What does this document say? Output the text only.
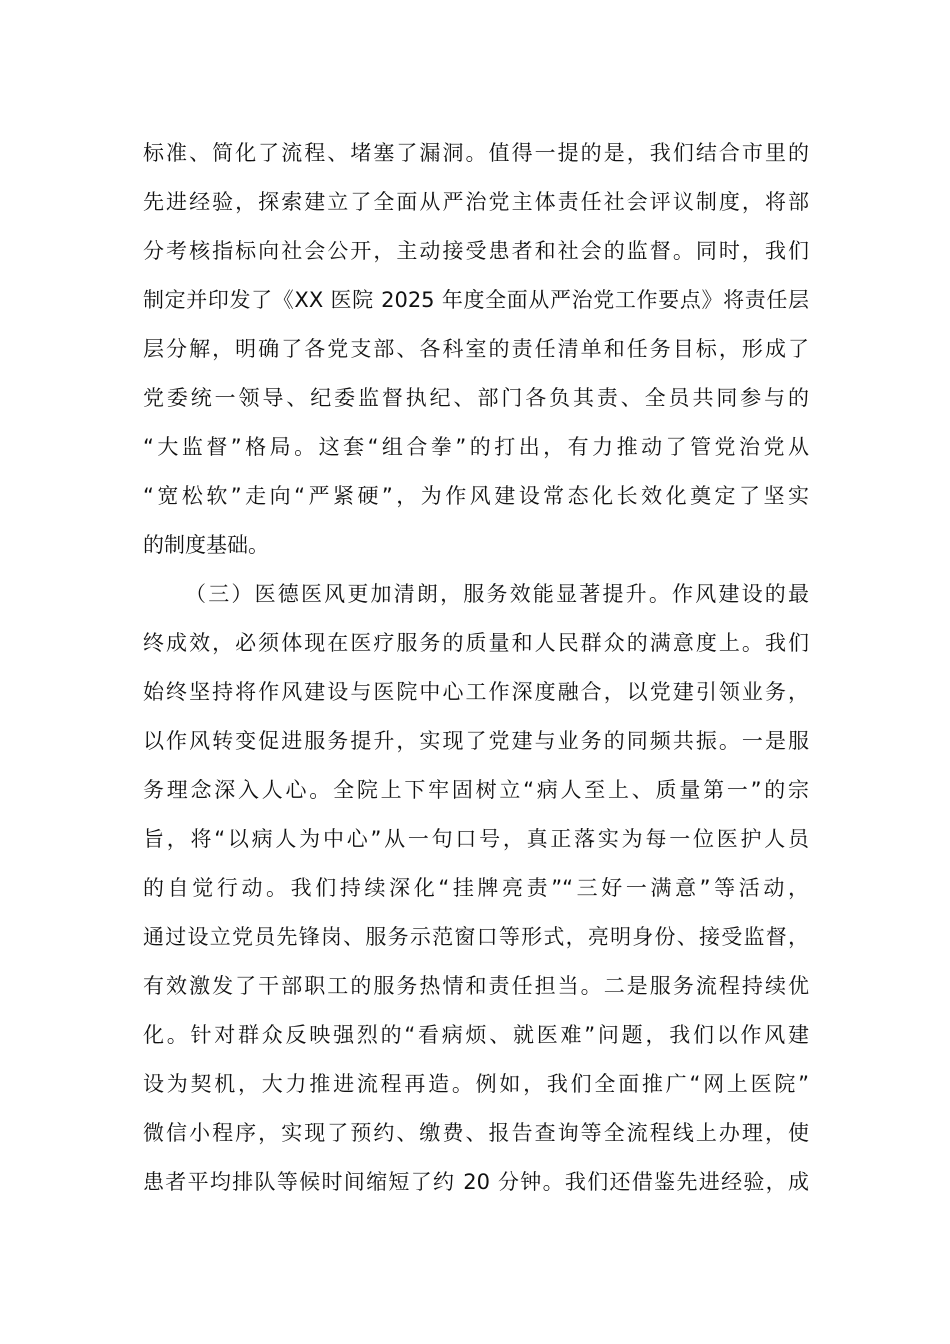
标准、简化了流程、堵塞了漏洞。值得一提的是，我们结合市里的
先进经验，探索建立了全面从严治党主体责任社会评议制度，将部
分考核指标向社会公开，主动接受患者和社会的监督。同时，我们
制定并印发了《XX 医院 2025 年度全面从严治党工作要点》将责任层
层分解，明确了各党支部、各科室的责任清单和任务目标，形成了
党委统一领导、纪委监督执纪、部门各负其责、全员共同参与的
“大监督”格局。这套“组合拳”的打出，有力推动了管党治党从
“宽松软”走向“严紧硬”，为作风建设常态化长效化奠定了坚实
的制度基础。
（三）医德医风更加清朗，服务效能显著提升。作风建设的最
终成效，必须体现在医疗服务的质量和人民群众的满意度上。我们
始终坚持将作风建设与医院中心工作深度融合，以党建引领业务，
以作风转变促进服务提升，实现了党建与业务的同频共振。一是服
务理念深入人心。全院上下牢固树立“病人至上、质量第一”的宗
旨，将“以病人为中心”从一句口号，真正落实为每一位医护人员
的自觉行动。我们持续深化“挂牌亮责”“三好一满意”等活动，
通过设立党员先锋岗、服务示范窗口等形式，亮明身份、接受监督，
有效激发了干部职工的服务热情和责任担当。二是服务流程持续优
化。针对群众反映强烈的“看病烦、就医难”问题，我们以作风建
设为契机，大力推进流程再造。例如，我们全面推广“网上医院”
微信小程序，实现了预约、缴费、报告查询等全流程线上办理，使
患者平均排队等候时间缩短了约 20 分钟。我们还借鉴先进经验，成
